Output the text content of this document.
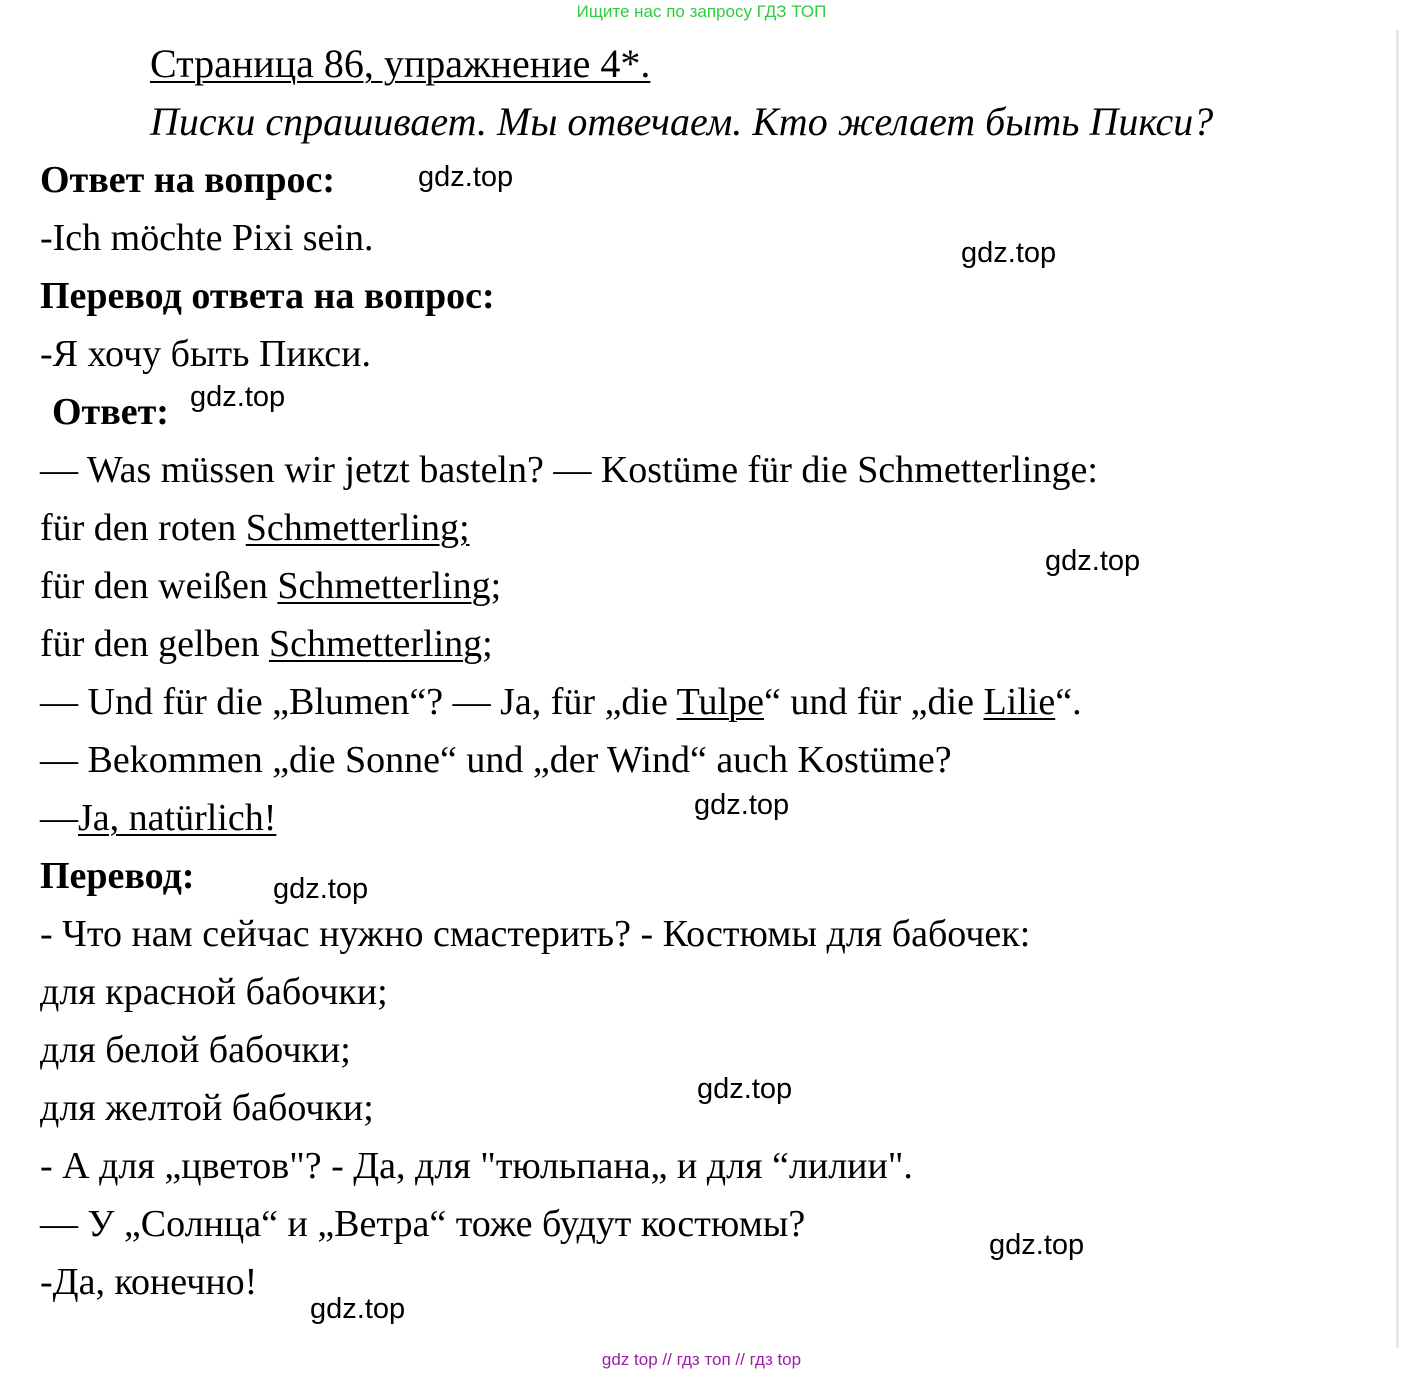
Ищите нас по запросу ГДЗ ТОП
Страница 86, упражнение 4*.
Писки спрашивает. Мы отвечаем. Кто желает быть Пикси?
Ответ на вопрос:
-Ich möchte Pixi sein.
Перевод ответа на вопрос:
-Я хочу быть Пикси.
Ответ:
— Was müssen wir jetzt basteln? — Kostüme für die Schmetterlinge:
für den roten Schmetterling;
für den weißen Schmetterling;
für den gelben Schmetterling;
— Und für die „Blumen“? — Ja, für „die Tulpe“ und für „die Lilie“.
— Bekommen „die Sonne“ und „der Wind“ auch Kostüme?
—Ja, natürlich!
Перевод:
- Что нам сейчас нужно смастерить? - Костюмы для бабочек:
для красной бабочки;
для белой бабочки;
для желтой бабочки;
- А для „цветов"? - Да, для "тюльпана„ и для “лилии".
— У „Солнца“ и „Ветра“ тоже будут костюмы?
-Да, конечно!
gdz.top
gdz.top
gdz.top
gdz.top
gdz.top
gdz.top
gdz.top
gdz.top
gdz.top
gdz top // гдз топ // гдз top
